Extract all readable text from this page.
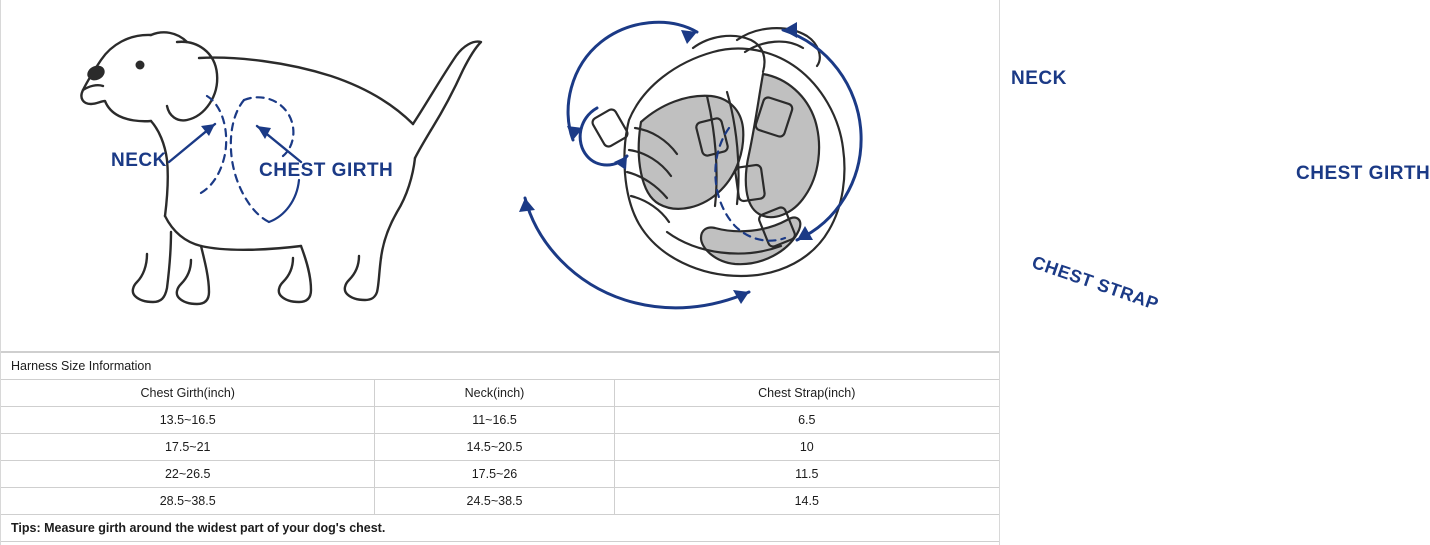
NECK	CHEST GIRTH
NECK
CHEST GIRTH
CHEST STRAP
Harness Size Information		
Chest Girth(inch)	Neck(inch)	Chest Strap(inch)
13.5~16.5	11~16.5	6.5
17.5~21	14.5~20.5	10
22~26.5	17.5~26	11.5
28.5~38.5	24.5~38.5	14.5
Tips: Measure girth around the widest part of your dog's chest.		
